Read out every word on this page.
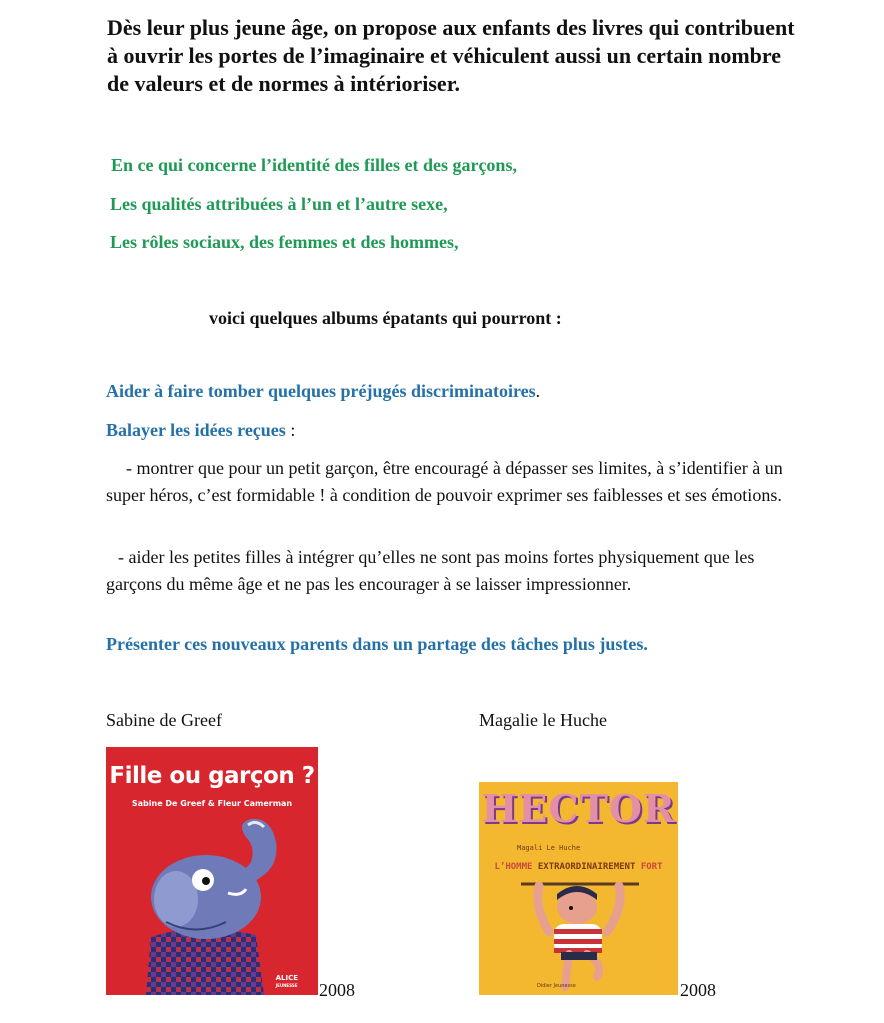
Dès leur plus jeune âge, on propose aux enfants des livres qui contribuent à ouvrir les portes de l’imaginaire et véhiculent aussi un certain nombre de valeurs et de normes à intérioriser.
En ce qui concerne l’identité des filles et des garçons,
Les qualités attribuées à l’un et l’autre sexe,
Les rôles sociaux, des femmes et des hommes,
voici quelques albums épatants qui pourront :
Aider à faire tomber quelques préjugés discriminatoires.
Balayer les idées reçues :
- montrer que pour un petit garçon, être encouragé à dépasser ses limites, à s’identifier à un super héros, c’est formidable ! à condition de pouvoir exprimer ses faiblesses et ses émotions.
- aider les petites filles à intégrer qu’elles ne sont pas moins fortes physiquement que les garçons du même âge et ne pas les encourager à se laisser impressionner.
Présenter ces nouveaux parents dans un partage des tâches plus justes.
Sabine de Greef	Magalie le Huche
Fille ou garçon ?
Sabine De Greef & Fleur Camerman
ALICE
JEUNESSE 2008
HECTOR
Magali Le Huche
L’HOMME EXTRAORDINAIREMENT FORT
Didier Jeunesse	2008
